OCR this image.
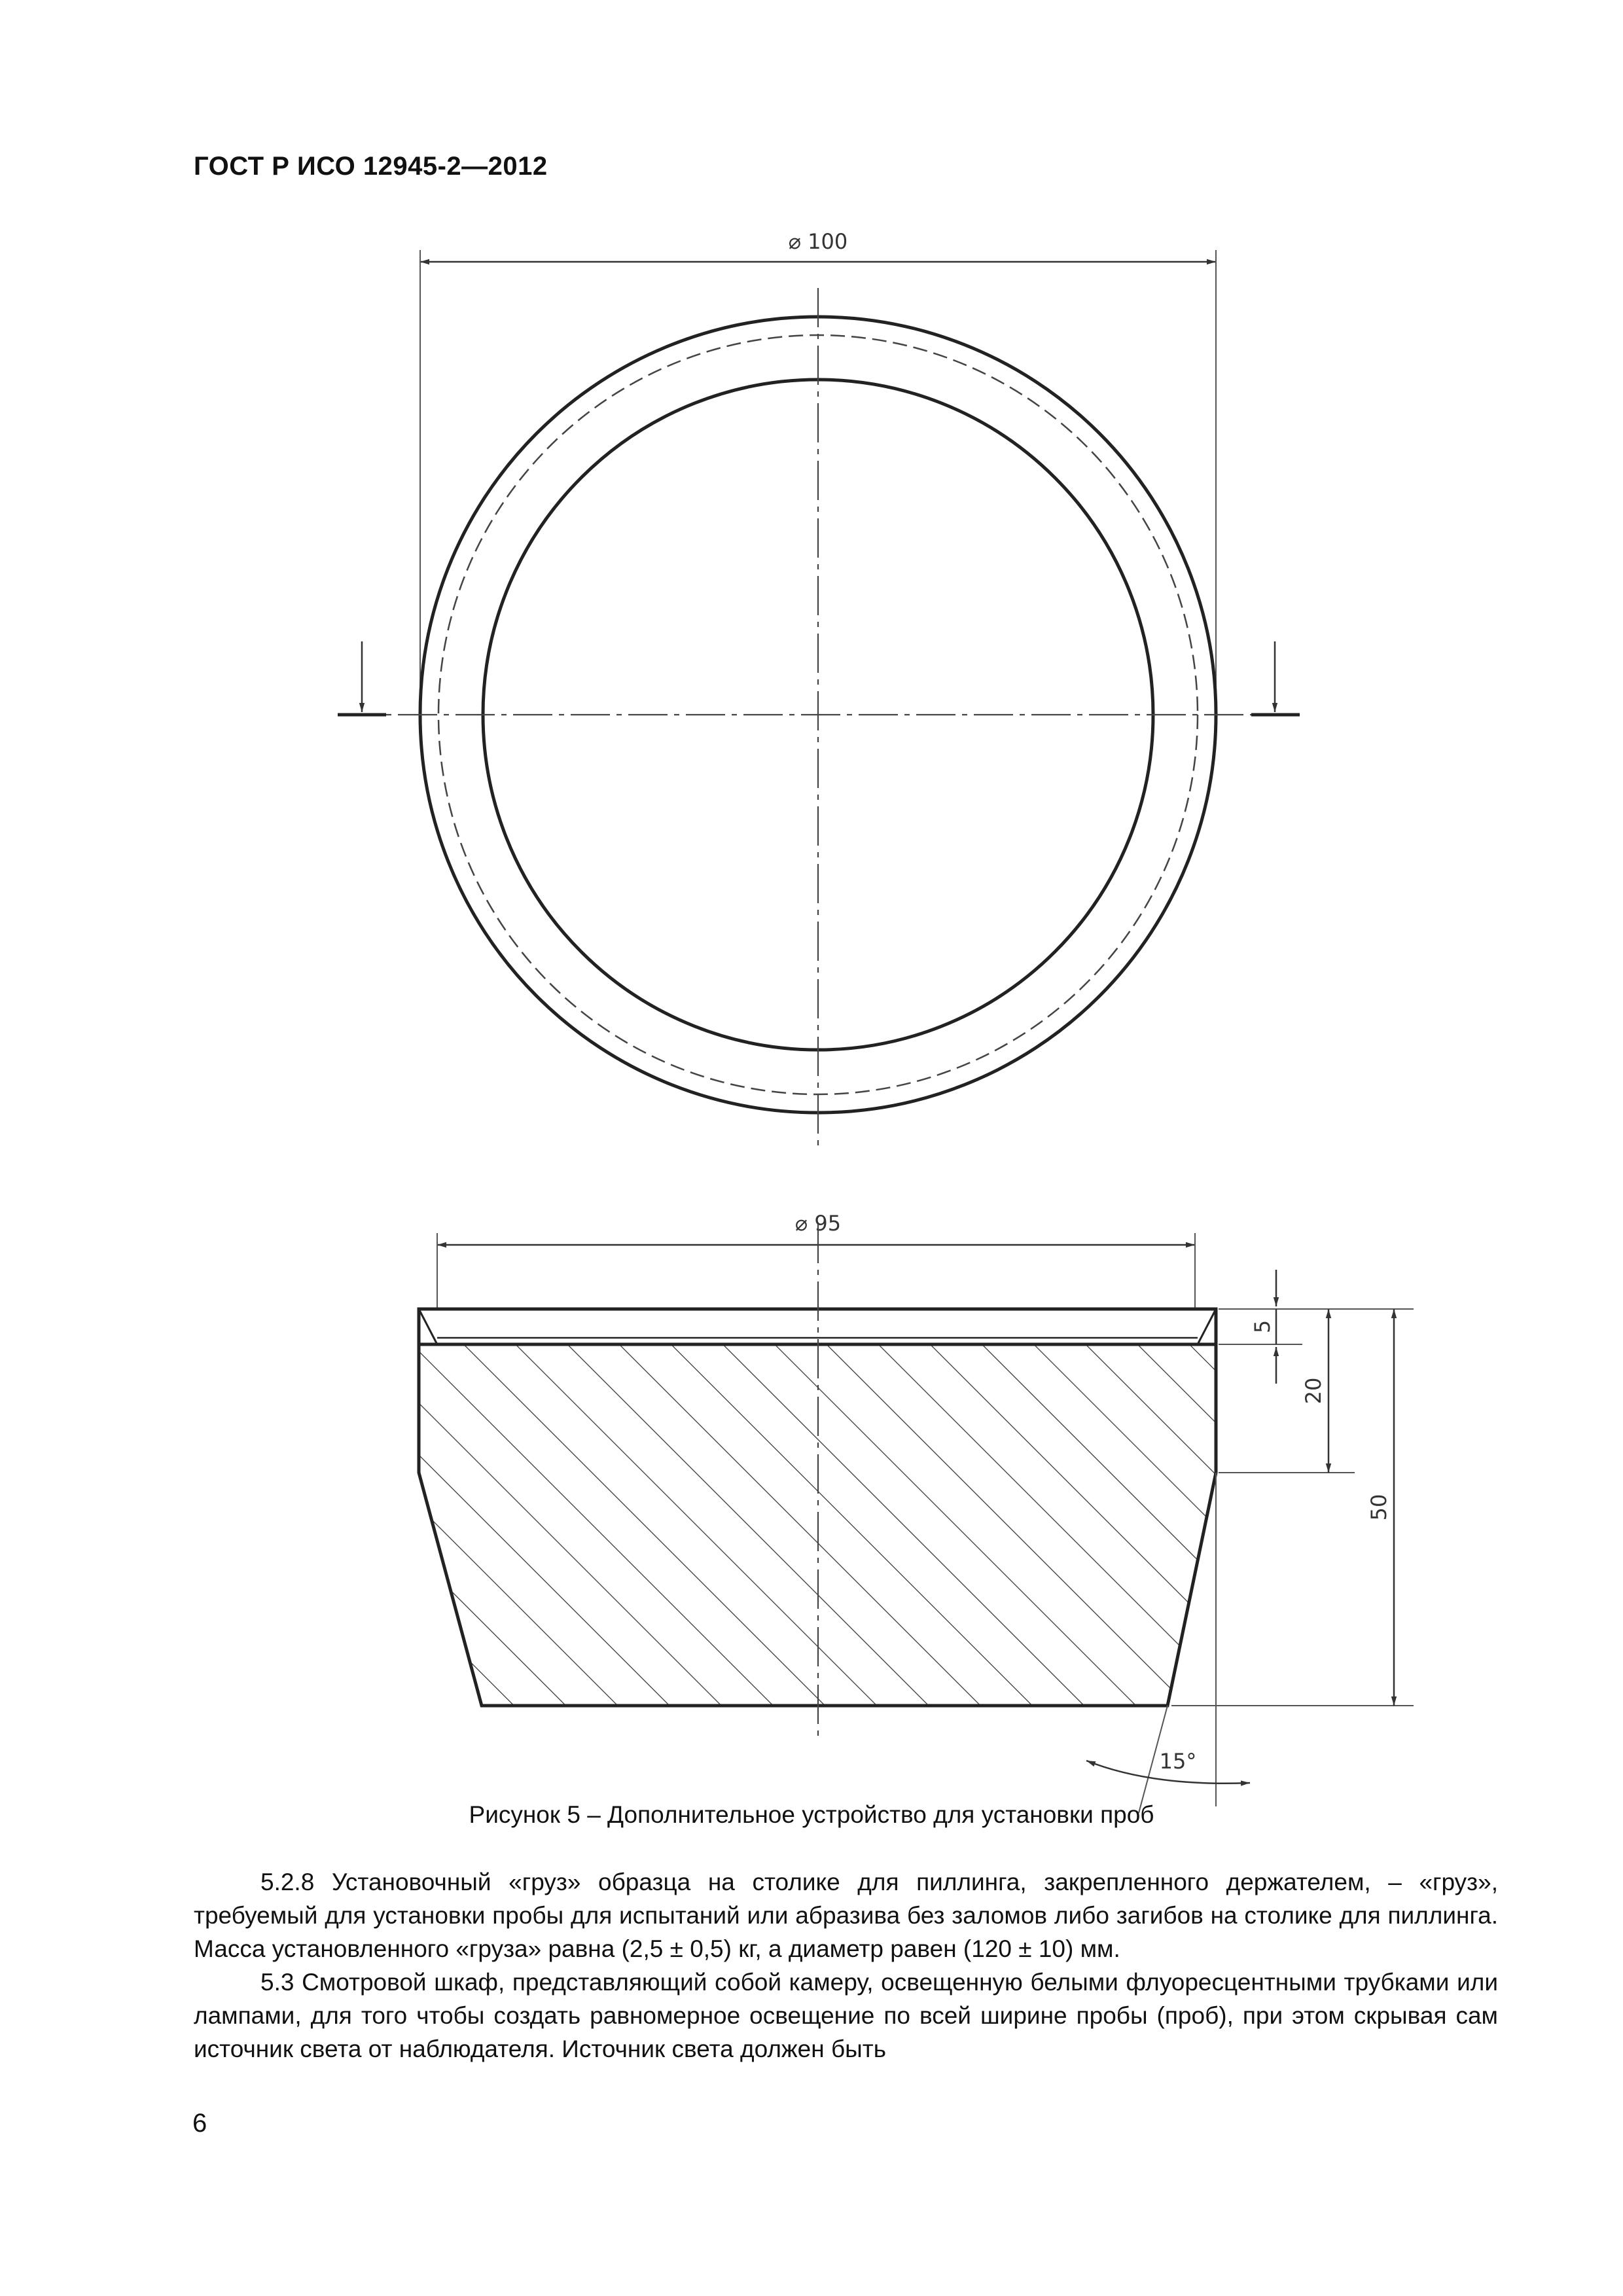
ГОСТ Р ИСО 12945-2—2012
⌀ 100
⌀ 95
5
20
50
15°
Рисунок 5 – Дополнительное устройство для установки проб

5.2.8 Установочный «груз» образца на столике для пиллинга, закрепленного держателем, – «груз», требуемый для установки пробы для испытаний или абразива без заломов либо загибов на столике для пиллинга. Масса установленного «груза» равна (2,5 ± 0,5) кг, а диаметр равен (120 ± 10) мм.

5.3 Смотровой шкаф, представляющий собой камеру, освещенную белыми флуоресцентными трубками или лампами, для того чтобы создать равномерное освещение по всей ширине пробы (проб), при этом скрывая сам источник света от наблюдателя. Источник света должен быть

6
